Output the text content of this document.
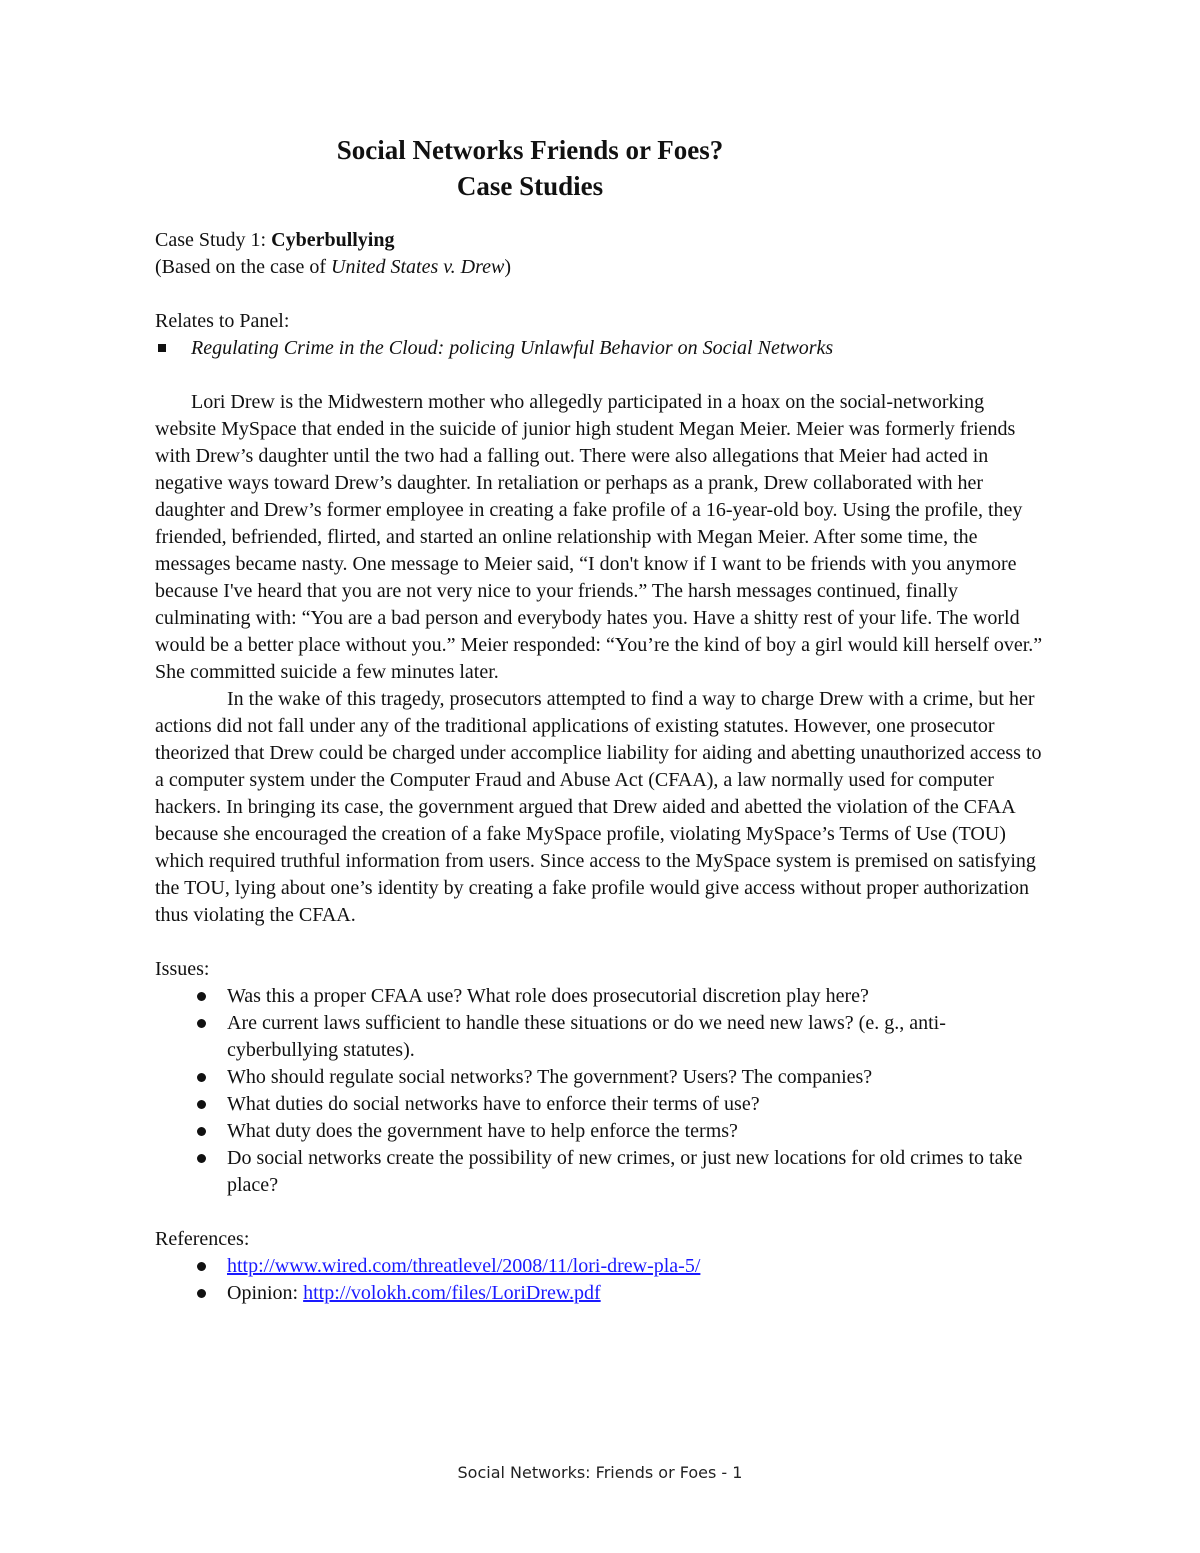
Social Networks Friends or Foes?
Case Studies

Case Study 1: Cyberbullying

(Based on the case of United States v. Drew)

Relates to Panel:

Regulating Crime in the Cloud: policing Unlawful Behavior on Social Networks

Lori Drew is the Midwestern mother who allegedly participated in a hoax on the social-networking website MySpace that ended in the suicide of junior high student Megan Meier. Meier was formerly friends with Drew’s daughter until the two had a falling out. There were also allegations that Meier had acted in negative ways toward Drew’s daughter. In retaliation or perhaps as a prank, Drew collaborated with her daughter and Drew’s former employee in creating a fake profile of a 16-year-old boy. Using the profile, they friended, befriended, flirted, and started an online relationship with Megan Meier. After some time, the messages became nasty. One message to Meier said, “I don't know if I want to be friends with you anymore because I've heard that you are not very nice to your friends.” The harsh messages continued, finally culminating with: “You are a bad person and everybody hates you. Have a shitty rest of your life. The world would be a better place without you.” Meier responded: “You’re the kind of boy a girl would kill herself over.” She committed suicide a few minutes later.

In the wake of this tragedy, prosecutors attempted to find a way to charge Drew with a crime, but her actions did not fall under any of the traditional applications of existing statutes. However, one prosecutor theorized that Drew could be charged under accomplice liability for aiding and abetting unauthorized access to a computer system under the Computer Fraud and Abuse Act (CFAA), a law normally used for computer hackers. In bringing its case, the government argued that Drew aided and abetted the violation of the CFAA because she encouraged the creation of a fake MySpace profile, violating MySpace’s Terms of Use (TOU) which required truthful information from users. Since access to the MySpace system is premised on satisfying the TOU, lying about one’s identity by creating a fake profile would give access without proper authorization thus violating the CFAA.

Issues:

Was this a proper CFAA use? What role does prosecutorial discretion play here?
Are current laws sufficient to handle these situations or do we need new laws? (e. g., anti-cyberbullying statutes).
Who should regulate social networks? The government? Users? The companies?
What duties do social networks have to enforce their terms of use?
What duty does the government have to help enforce the terms?
Do social networks create the possibility of new crimes, or just new locations for old crimes to take place?

References:

http://www.wired.com/threatlevel/2008/11/lori-drew-pla-5/
Opinion: http://volokh.com/files/LoriDrew.pdf
Social Networks: Friends or Foes - 1
